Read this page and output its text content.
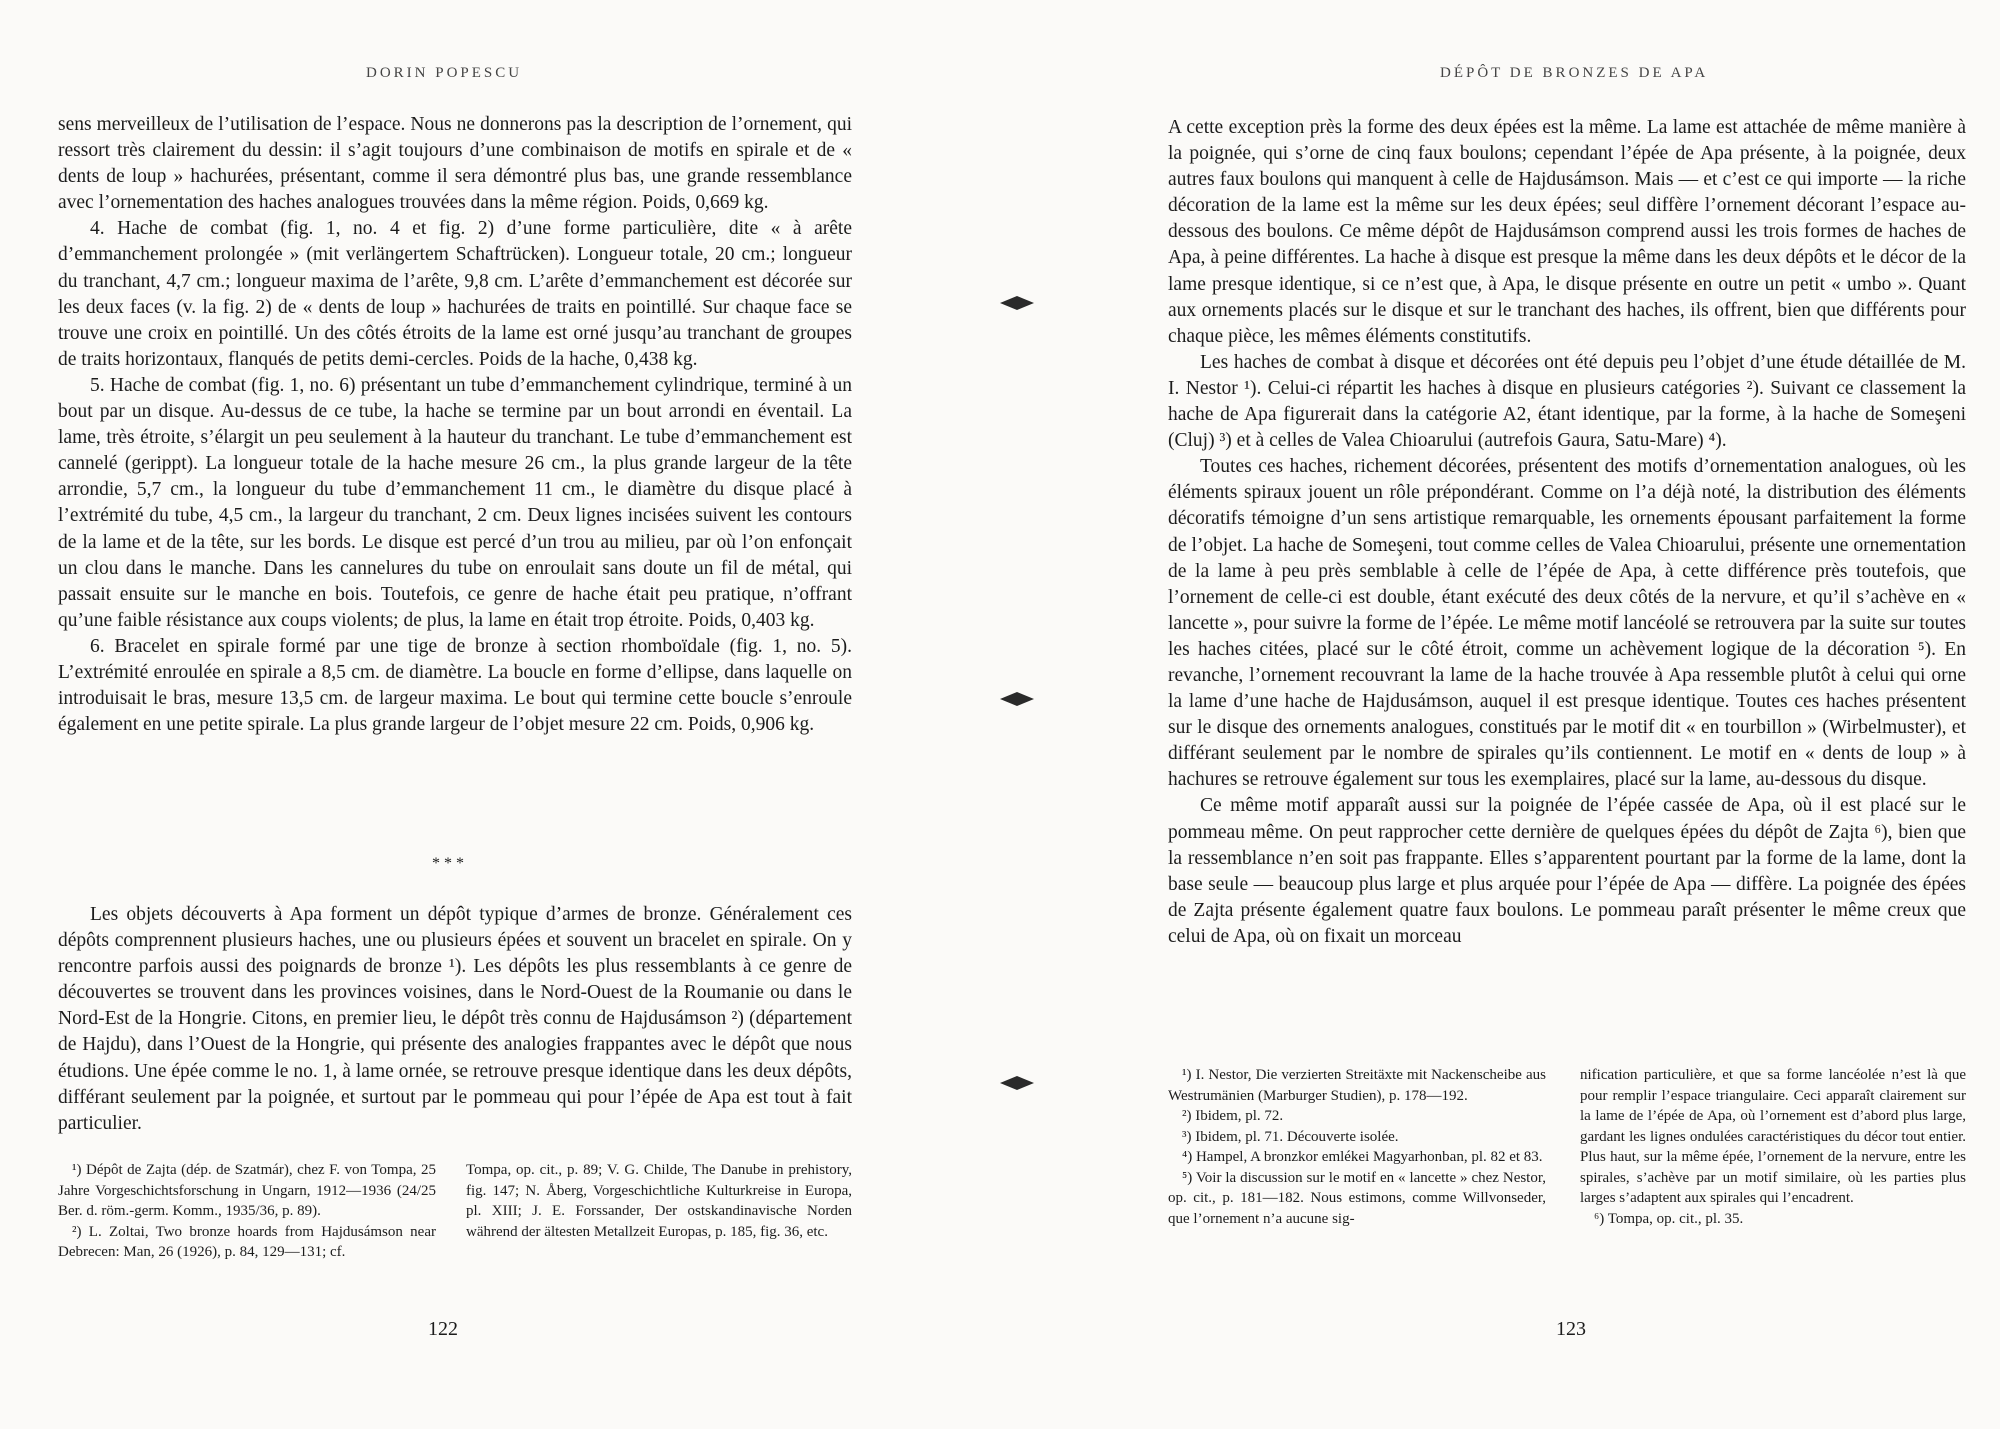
DORIN POPESCU

sens merveilleux de l’utilisation de l’espace. Nous ne donnerons pas la description de l’ornement, qui ressort très clairement du dessin: il s’agit toujours d’une combinaison de motifs en spirale et de « dents de loup » hachurées, présentant, comme il sera démontré plus bas, une grande ressemblance avec l’ornementation des haches analogues trouvées dans la même région. Poids, 0,669 kg.

4. Hache de combat (fig. 1, no. 4 et fig. 2) d’une forme particulière, dite « à arête d’emmanchement prolongée » (mit verlängertem Schaftrücken). Longueur totale, 20 cm.; longueur du tranchant, 4,7 cm.; longueur maxima de l’arête, 9,8 cm. L’arête d’emmanchement est décorée sur les deux faces (v. la fig. 2) de « dents de loup » hachurées de traits en pointillé. Sur chaque face se trouve une croix en pointillé. Un des côtés étroits de la lame est orné jusqu’au tranchant de groupes de traits horizontaux, flanqués de petits demi-cercles. Poids de la hache, 0,438 kg.

5. Hache de combat (fig. 1, no. 6) présentant un tube d’emmanchement cylindrique, terminé à un bout par un disque. Au-dessus de ce tube, la hache se termine par un bout arrondi en éventail. La lame, très étroite, s’élargit un peu seulement à la hauteur du tranchant. Le tube d’emmanchement est cannelé (gerippt). La longueur totale de la hache mesure 26 cm., la plus grande largeur de la tête arrondie, 5,7 cm., la longueur du tube d’emmanchement 11 cm., le diamètre du disque placé à l’extrémité du tube, 4,5 cm., la largeur du tranchant, 2 cm. Deux lignes incisées suivent les contours de la lame et de la tête, sur les bords. Le disque est percé d’un trou au milieu, par où l’on enfonçait un clou dans le manche. Dans les cannelures du tube on enroulait sans doute un fil de métal, qui passait ensuite sur le manche en bois. Toutefois, ce genre de hache était peu pratique, n’offrant qu’une faible résistance aux coups violents; de plus, la lame en était trop étroite. Poids, 0,403 kg.

6. Bracelet en spirale formé par une tige de bronze à section rhomboïdale (fig. 1, no. 5). L’extrémité enroulée en spirale a 8,5 cm. de diamètre. La boucle en forme d’ellipse, dans laquelle on introduisait le bras, mesure 13,5 cm. de largeur maxima. Le bout qui termine cette boucle s’enroule également en une petite spirale. La plus grande largeur de l’objet mesure 22 cm. Poids, 0,906 kg.

* * *

Les objets découverts à Apa forment un dépôt typique d’armes de bronze. Généralement ces dépôts comprennent plusieurs haches, une ou plusieurs épées et souvent un bracelet en spirale. On y rencontre parfois aussi des poignards de bronze ¹). Les dépôts les plus ressemblants à ce genre de découvertes se trouvent dans les provinces voisines, dans le Nord-Ouest de la Roumanie ou dans le Nord-Est de la Hongrie. Citons, en premier lieu, le dépôt très connu de Hajdusámson ²) (département de Hajdu), dans l’Ouest de la Hongrie, qui présente des analogies frappantes avec le dépôt que nous étudions. Une épée comme le no. 1, à lame ornée, se retrouve presque identique dans les deux dépôts, différant seulement par la poignée, et surtout par le pommeau qui pour l’épée de Apa est tout à fait particulier.

¹) Dépôt de Zajta (dép. de Szatmár), chez F. von Tompa, 25 Jahre Vorgeschichtsforschung in Ungarn, 1912—1936 (24/25 Ber. d. röm.-germ. Komm., 1935/36, p. 89).

²) L. Zoltai, Two bronze hoards from Hajdusámson near Debrecen: Man, 26 (1926), p. 84, 129—131; cf.

Tompa, op. cit., p. 89; V. G. Childe, The Danube in prehistory, fig. 147; N. Åberg, Vorgeschichtliche Kulturkreise in Europa, pl. XIII; J. E. Forssander, Der ostskandinavische Norden während der ältesten Metallzeit Europas, p. 185, fig. 36, etc.

122
DÉPÔT DE BRONZES DE APA

A cette exception près la forme des deux épées est la même. La lame est attachée de même manière à la poignée, qui s’orne de cinq faux boulons; cependant l’épée de Apa présente, à la poignée, deux autres faux boulons qui manquent à celle de Hajdusámson. Mais — et c’est ce qui importe — la riche décoration de la lame est la même sur les deux épées; seul diffère l’ornement décorant l’espace au-dessous des boulons. Ce même dépôt de Hajdusámson comprend aussi les trois formes de haches de Apa, à peine différentes. La hache à disque est presque la même dans les deux dépôts et le décor de la lame presque identique, si ce n’est que, à Apa, le disque présente en outre un petit « umbo ». Quant aux ornements placés sur le disque et sur le tranchant des haches, ils offrent, bien que différents pour chaque pièce, les mêmes éléments constitutifs.

Les haches de combat à disque et décorées ont été depuis peu l’objet d’une étude détaillée de M. I. Nestor ¹). Celui-ci répartit les haches à disque en plusieurs catégories ²). Suivant ce classement la hache de Apa figurerait dans la catégorie A2, étant identique, par la forme, à la hache de Someşeni (Cluj) ³) et à celles de Valea Chioarului (autrefois Gaura, Satu-Mare) ⁴).

Toutes ces haches, richement décorées, présentent des motifs d’ornementation analogues, où les éléments spiraux jouent un rôle prépondérant. Comme on l’a déjà noté, la distribution des éléments décoratifs témoigne d’un sens artistique remarquable, les ornements épousant parfaitement la forme de l’objet. La hache de Someşeni, tout comme celles de Valea Chioarului, présente une ornementation de la lame à peu près semblable à celle de l’épée de Apa, à cette différence près toutefois, que l’ornement de celle-ci est double, étant exécuté des deux côtés de la nervure, et qu’il s’achève en « lancette », pour suivre la forme de l’épée. Le même motif lancéolé se retrouvera par la suite sur toutes les haches citées, placé sur le côté étroit, comme un achèvement logique de la décoration ⁵). En revanche, l’ornement recouvrant la lame de la hache trouvée à Apa ressemble plutôt à celui qui orne la lame d’une hache de Hajdusámson, auquel il est presque identique. Toutes ces haches présentent sur le disque des ornements analogues, constitués par le motif dit « en tourbillon » (Wirbelmuster), et différant seulement par le nombre de spirales qu’ils contiennent. Le motif en « dents de loup » à hachures se retrouve également sur tous les exemplaires, placé sur la lame, au-dessous du disque.

Ce même motif apparaît aussi sur la poignée de l’épée cassée de Apa, où il est placé sur le pommeau même. On peut rapprocher cette dernière de quelques épées du dépôt de Zajta ⁶), bien que la ressemblance n’en soit pas frappante. Elles s’apparentent pourtant par la forme de la lame, dont la base seule — beaucoup plus large et plus arquée pour l’épée de Apa — diffère. La poignée des épées de Zajta présente également quatre faux boulons. Le pommeau paraît présenter le même creux que celui de Apa, où on fixait un morceau

¹) I. Nestor, Die verzierten Streitäxte mit Nackenscheibe aus Westrumänien (Marburger Studien), p. 178—192.

²) Ibidem, pl. 72.

³) Ibidem, pl. 71. Découverte isolée.

⁴) Hampel, A bronzkor emlékei Magyarhonban, pl. 82 et 83.

⁵) Voir la discussion sur le motif en « lancette » chez Nestor, op. cit., p. 181—182. Nous estimons, comme Willvonseder, que l’ornement n’a aucune sig-

nification particulière, et que sa forme lancéolée n’est là que pour remplir l’espace triangulaire. Ceci apparaît clairement sur la lame de l’épée de Apa, où l’ornement est d’abord plus large, gardant les lignes ondulées caractéristiques du décor tout entier. Plus haut, sur la même épée, l’ornement de la nervure, entre les spirales, s’achève par un motif similaire, où les parties plus larges s’adaptent aux spirales qui l’encadrent.

⁶) Tompa, op. cit., pl. 35.

123
